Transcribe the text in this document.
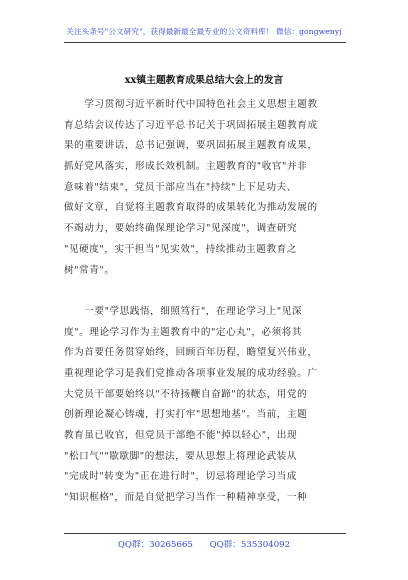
关注头条号"公文研究"，获得最新最全最专业的公文资料库！ 微信：gongwenyj
xx镇主题教育成果总结大会上的发言
　　学习贯彻习近平新时代中国特色社会主义思想主题教
育总结会议传达了习近平总书记关于巩固拓展主题教育成
果的重要讲话，总书记强调，要巩固拓展主题教育成果，
抓好党风落实，形成长效机制。主题教育的"收官"并非
意味着"结束"，党员干部应当在"持续"上下足功夫、
做好文章，自觉将主题教育取得的成果转化为推动发展的
不竭动力，要始终确保理论学习"见深度"，调查研究
"见硬度"，实干担当"见实效"，持续推动主题教育之
树"常青"。
　　一要"学思践悟，细照笃行"，在理论学习上"见深
度"。理论学习作为主题教育中的"定心丸"，必须将其
作为首要任务贯穿始终，回顾百年历程，瞻望复兴伟业，
重视理论学习是我们党推动各项事业发展的成功经验。广
大党员干部要始终以"不待扬鞭自奋蹄"的状态，用党的
创新理论凝心铸魂，打实打牢"思想地基"。当前，主题
教育虽已收官，但党员干部绝不能"掉以轻心"，出现
"松口气""歇歇脚"的想法，要从思想上将理论武装从
"完成时"转变为"正在进行时"，切忌将理论学习当成
"知识框格"，而是自觉把学习当作一种精神享受，一种
QQ群：30265665 QQ群：535304092
